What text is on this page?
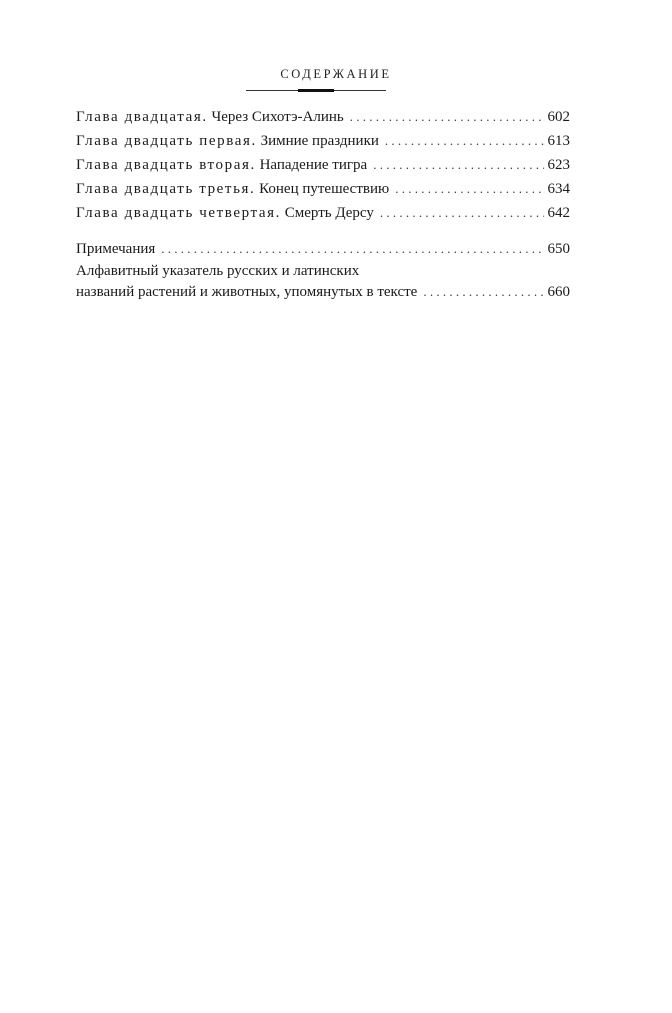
СОДЕРЖАНИЕ
Глава двадцатая. Через Сихотэ-Алинь . . .	602
Глава двадцать первая. Зимние праздники . . .	613
Глава двадцать вторая. Нападение тигра . . .	623
Глава двадцать третья. Конец путешествию . . .	634
Глава двадцать четвертая. Смерть Дерсу . . .	642
Примечания . . .	650
Алфавитный указатель русских и латинских
названий растений и животных, упомянутых в тексте . . .	660
